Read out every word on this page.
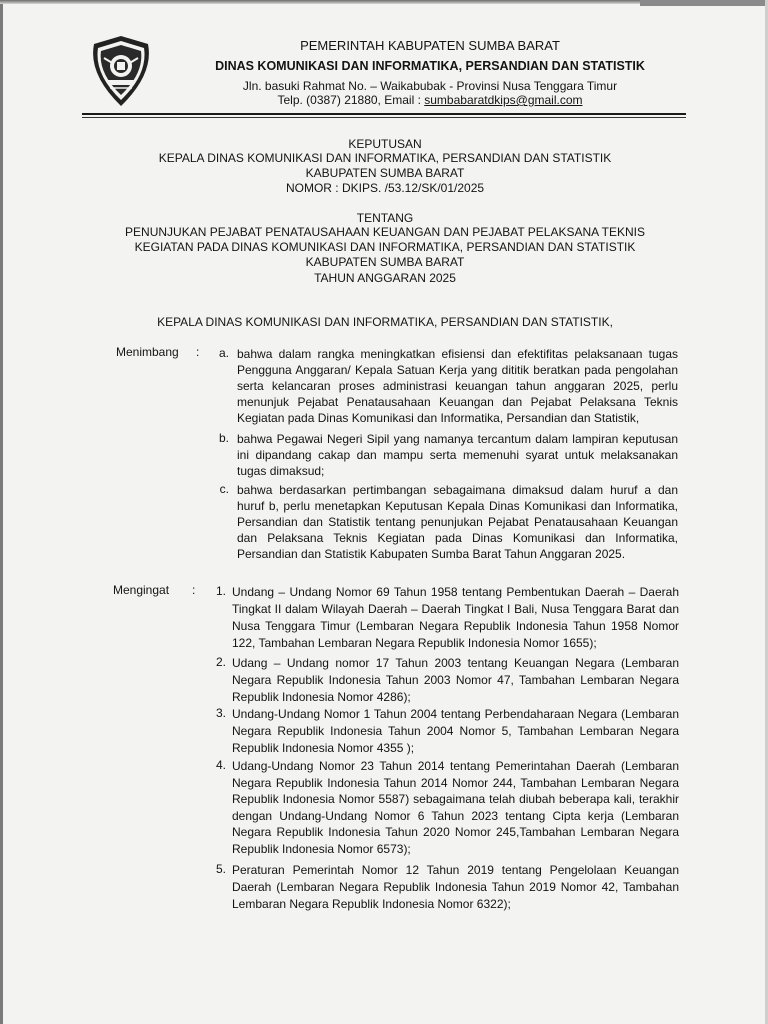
PEMERINTAH KABUPATEN SUMBA BARAT
DINAS KOMUNIKASI DAN INFORMATIKA, PERSANDIAN DAN STATISTIK
Jln. basuki Rahmat No. – Waikabubak - Provinsi Nusa Tenggara Timur
Telp. (0387) 21880, Email : sumbabaratdkips@gmail.com
KEPUTUSAN
KEPALA DINAS KOMUNIKASI DAN INFORMATIKA, PERSANDIAN DAN STATISTIK
KABUPATEN SUMBA BARAT
NOMOR : DKIPS. /53.12/SK/01/2025
TENTANG
PENUNJUKAN PEJABAT PENATAUSAHAAN KEUANGAN DAN PEJABAT PELAKSANA TEKNIS
KEGIATAN PADA DINAS KOMUNIKASI DAN INFORMATIKA, PERSANDIAN DAN STATISTIK
KABUPATEN SUMBA BARAT
TAHUN ANGGARAN 2025
KEPALA DINAS KOMUNIKASI DAN INFORMATIKA, PERSANDIAN DAN STATISTIK,
Menimbang :	a. bahwa dalam rangka meningkatkan efisiensi dan efektifitas pelaksanaan tugas Pengguna Anggaran/ Kepala Satuan Kerja yang dititik beratkan pada pengolahan serta kelancaran proses administrasi keuangan tahun anggaran 2025, perlu menunjuk Pejabat Penatausahaan Keuangan dan Pejabat Pelaksana Teknis Kegiatan pada Dinas Komunikasi dan Informatika, Persandian dan Statistik,
b. bahwa Pegawai Negeri Sipil yang namanya tercantum dalam lampiran keputusan ini dipandang cakap dan mampu serta memenuhi syarat untuk melaksanakan tugas dimaksud;
c. bahwa berdasarkan pertimbangan sebagaimana dimaksud dalam huruf a dan huruf b, perlu menetapkan Keputusan Kepala Dinas Komunikasi dan Informatika, Persandian dan Statistik tentang penunjukan Pejabat Penatausahaan Keuangan dan Pelaksana Teknis Kegiatan pada Dinas Komunikasi dan Informatika, Persandian dan Statistik Kabupaten Sumba Barat Tahun Anggaran 2025.
Mengingat :	1. Undang – Undang Nomor 69 Tahun 1958 tentang Pembentukan Daerah – Daerah Tingkat II dalam Wilayah Daerah – Daerah Tingkat I Bali, Nusa Tenggara Barat dan Nusa Tenggara Timur (Lembaran Negara Republik Indonesia Tahun 1958 Nomor 122, Tambahan Lembaran Negara Republik Indonesia Nomor 1655);
2. Udang – Undang nomor 17 Tahun 2003 tentang Keuangan Negara (Lembaran Negara Republik Indonesia Tahun 2003 Nomor 47, Tambahan Lembaran Negara Republik Indonesia Nomor 4286);
3. Undang-Undang Nomor 1 Tahun 2004 tentang Perbendaharaan Negara (Lembaran Negara Republik Indonesia Tahun 2004 Nomor 5, Tambahan Lembaran Negara Republik Indonesia Nomor 4355 );
4. Udang-Undang Nomor 23 Tahun 2014 tentang Pemerintahan Daerah (Lembaran Negara Republik Indonesia Tahun 2014 Nomor 244, Tambahan Lembaran Negara Republik Indonesia Nomor 5587) sebagaimana telah diubah beberapa kali, terakhir dengan Undang-Undang Nomor 6 Tahun 2023 tentang Cipta kerja (Lembaran Negara Republik Indonesia Tahun 2020 Nomor 245,Tambahan Lembaran Negara Republik Indonesia Nomor 6573);
5. Peraturan Pemerintah Nomor 12 Tahun 2019 tentang Pengelolaan Keuangan Daerah (Lembaran Negara Republik Indonesia Tahun 2019 Nomor 42, Tambahan Lembaran Negara Republik Indonesia Nomor 6322);
